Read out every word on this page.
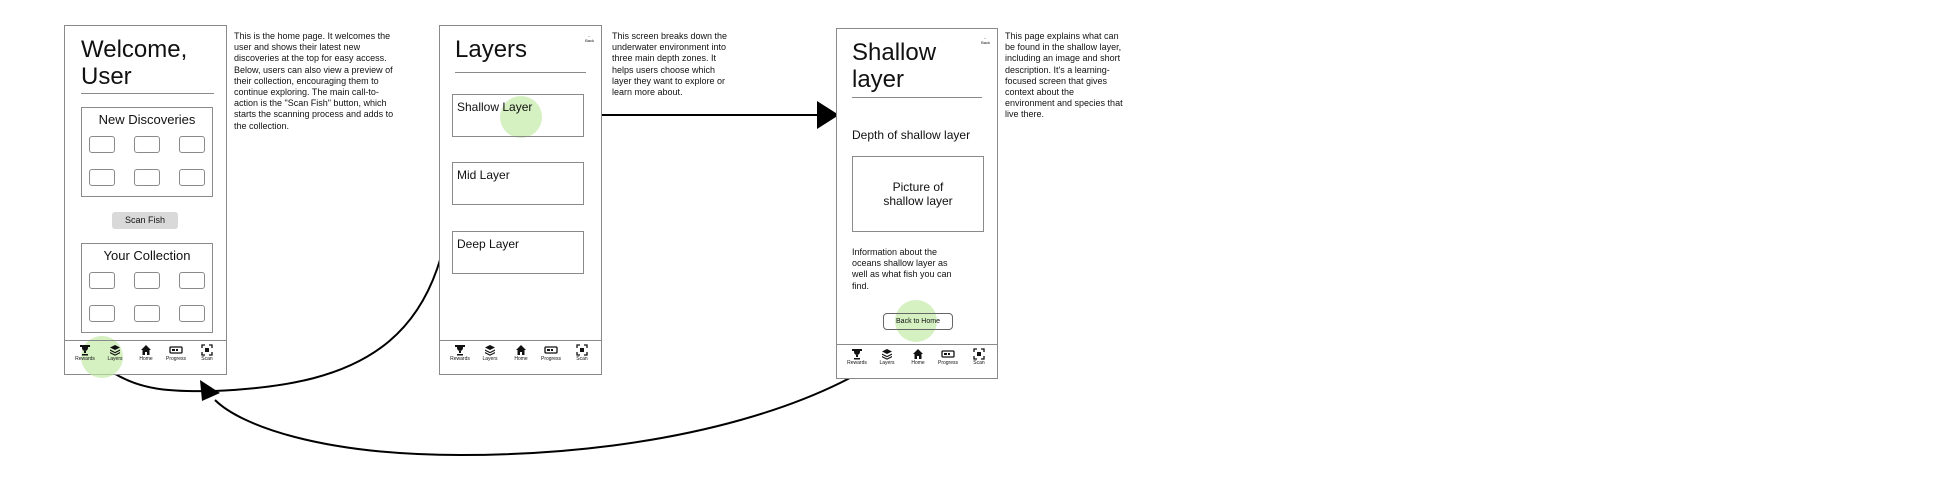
Welcome,
User
New Discoveries
Scan Fish
Your Collection
Rewards	Layers	Home	Progress	Scan
This is the home page. It welcomes the
user and shows their latest new
discoveries at the top for easy access.
Below, users can also view a preview of
their collection, encouraging them to
continue exploring. The main call-to-
action is the "Scan Fish" button, which
starts the scanning process and adds to
the collection.
←
Back
Layers
Shallow Layer
Mid Layer
Deep Layer
Rewards	Layers	Home	Progress	Scan
This screen breaks down the
underwater environment into
three main depth zones. It
helps users choose which
layer they want to explore or
learn more about.
←
Back
Shallow
layer
Depth of shallow layer
Picture of
shallow layer
Information about the
oceans shallow layer as
well as what fish you can
find.
Back to Home
Rewards	Layers	Home	Progress	Scan
This page explains what can
be found in the shallow layer,
including an image and short
description. It's a learning-
focused screen that gives
context about the
environment and species that
live there.
